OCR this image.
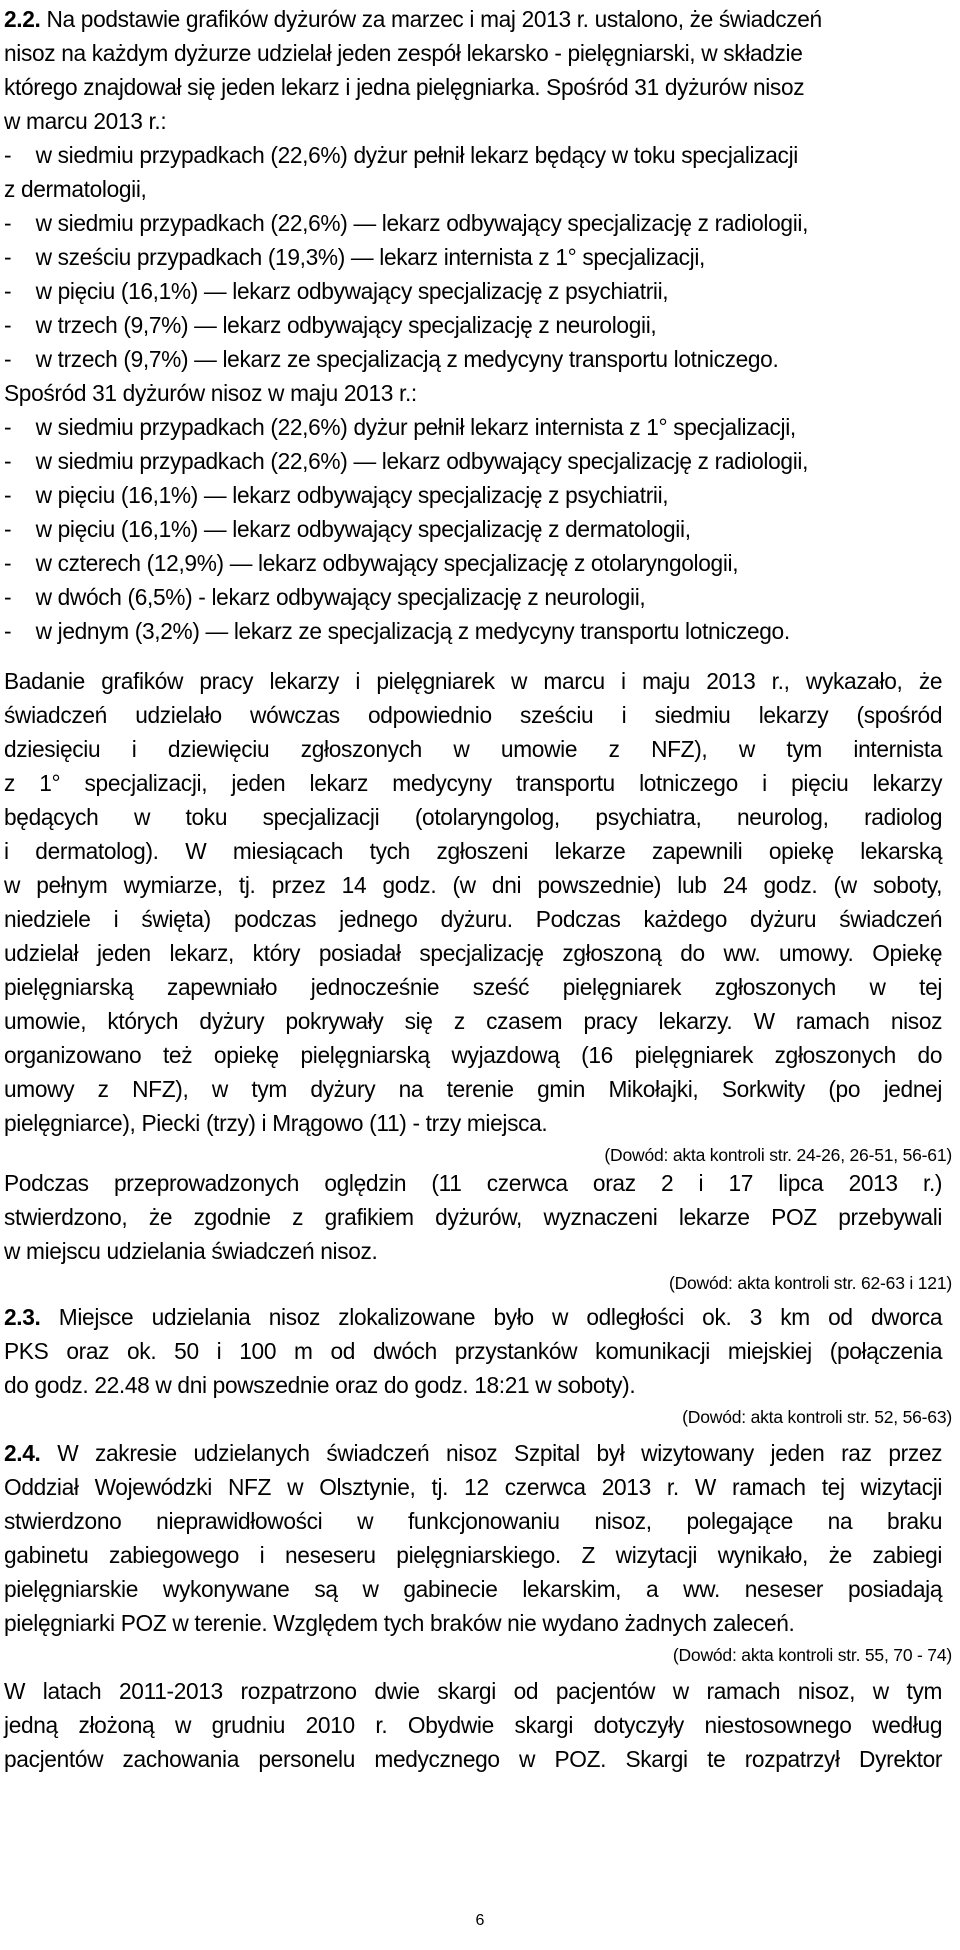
2.2. Na podstawie grafików dyżurów za marzec i maj 2013 r. ustalono, że świadczeń
nisoz na każdym dyżurze udzielał jeden zespół lekarsko - pielęgniarski, w składzie
którego znajdował się jeden lekarz i jedna pielęgniarka. Spośród 31 dyżurów nisoz
w marcu 2013 r.:
- w siedmiu przypadkach (22,6%) dyżur pełnił lekarz będący w toku specjalizacji
z dermatologii,
- w siedmiu przypadkach (22,6%) — lekarz odbywający specjalizację z radiologii,
- w sześciu przypadkach (19,3%) — lekarz internista z 1° specjalizacji,
- w pięciu (16,1%) — lekarz odbywający specjalizację z psychiatrii,
- w trzech (9,7%) — lekarz odbywający specjalizację z neurologii,
- w trzech (9,7%) — lekarz ze specjalizacją z medycyny transportu lotniczego.
Spośród 31 dyżurów nisoz w maju 2013 r.:
- w siedmiu przypadkach (22,6%) dyżur pełnił lekarz internista z 1° specjalizacji,
- w siedmiu przypadkach (22,6%) — lekarz odbywający specjalizację z radiologii,
- w pięciu (16,1%) — lekarz odbywający specjalizację z psychiatrii,
- w pięciu (16,1%) — lekarz odbywający specjalizację z dermatologii,
- w czterech (12,9%) — lekarz odbywający specjalizację z otolaryngologii,
- w dwóch (6,5%) - lekarz odbywający specjalizację z neurologii,
- w jednym (3,2%) — lekarz ze specjalizacją z medycyny transportu lotniczego.
Badanie grafików pracy lekarzy i pielęgniarek w marcu i maju 2013 r., wykazało, że
świadczeń udzielało wówczas odpowiednio sześciu i siedmiu lekarzy (spośród
dziesięciu i dziewięciu zgłoszonych w umowie z NFZ), w tym internista
z 1° specjalizacji, jeden lekarz medycyny transportu lotniczego i pięciu lekarzy
będących w toku specjalizacji (otolaryngolog, psychiatra, neurolog, radiolog
i dermatolog). W miesiącach tych zgłoszeni lekarze zapewnili opiekę lekarską
w pełnym wymiarze, tj. przez 14 godz. (w dni powszednie) lub 24 godz. (w soboty,
niedziele i święta) podczas jednego dyżuru. Podczas każdego dyżuru świadczeń
udzielał jeden lekarz, który posiadał specjalizację zgłoszoną do ww. umowy. Opiekę
pielęgniarską zapewniało jednocześnie sześć pielęgniarek zgłoszonych w tej
umowie, których dyżury pokrywały się z czasem pracy lekarzy. W ramach nisoz
organizowano też opiekę pielęgniarską wyjazdową (16 pielęgniarek zgłoszonych do
umowy z NFZ), w tym dyżury na terenie gmin Mikołajki, Sorkwity (po jednej
pielęgniarce), Piecki (trzy) i Mrągowo (11) - trzy miejsca.
Podczas przeprowadzonych oględzin (11 czerwca oraz 2 i 17 lipca 2013 r.)
stwierdzono, że zgodnie z grafikiem dyżurów, wyznaczeni lekarze POZ przebywali
w miejscu udzielania świadczeń nisoz.
2.3. Miejsce udzielania nisoz zlokalizowane było w odległości ok. 3 km od dworca
PKS oraz ok. 50 i 100 m od dwóch przystanków komunikacji miejskiej (połączenia
do godz. 22.48 w dni powszednie oraz do godz. 18:21 w soboty).
2.4. W zakresie udzielanych świadczeń nisoz Szpital był wizytowany jeden raz przez
Oddział Wojewódzki NFZ w Olsztynie, tj. 12 czerwca 2013 r. W ramach tej wizytacji
stwierdzono nieprawidłowości w funkcjonowaniu nisoz, polegające na braku
gabinetu zabiegowego i neseseru pielęgniarskiego. Z wizytacji wynikało, że zabiegi
pielęgniarskie wykonywane są w gabinecie lekarskim, a ww. neseser posiadają
pielęgniarki POZ w terenie. Względem tych braków nie wydano żadnych zaleceń.
W latach 2011-2013 rozpatrzono dwie skargi od pacjentów w ramach nisoz, w tym
jedną złożoną w grudniu 2010 r. Obydwie skargi dotyczyły niestosownego według
pacjentów zachowania personelu medycznego w POZ. Skargi te rozpatrzył Dyrektor
(Dowód: akta kontroli str. 24-26, 26-51, 56-61)
(Dowód: akta kontroli str. 62-63 i 121)
(Dowód: akta kontroli str. 52, 56-63)
(Dowód: akta kontroli str. 55, 70 - 74)
6
